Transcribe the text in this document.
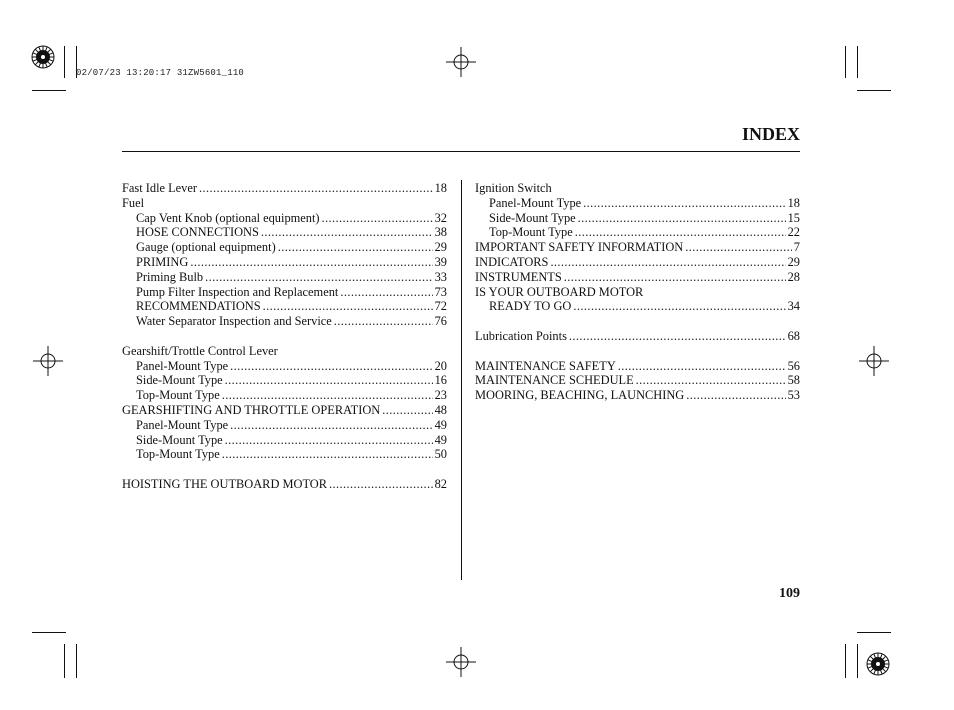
02/07/23 13:20:17 31ZW5601_110
INDEX
Fast Idle Lever .....	18
Fuel
Cap Vent Knob (optional equipment) .....	32
HOSE CONNECTIONS .....	38
Gauge (optional equipment) .....	29
PRIMING .....	39
Priming Bulb .....	33
Pump Filter Inspection and Replacement .....	73
RECOMMENDATIONS .....	72
Water Separator Inspection and Service .....	76
Gearshift/Trottle Control Lever
Panel-Mount Type .....	20
Side-Mount Type .....	16
Top-Mount Type .....	23
GEARSHIFTING AND THROTTLE OPERATION .....	48
Panel-Mount Type .....	49
Side-Mount Type .....	49
Top-Mount Type .....	50
HOISTING THE OUTBOARD MOTOR .....	82
Ignition Switch
Panel-Mount Type .....	18
Side-Mount Type .....	15
Top-Mount Type .....	22
IMPORTANT SAFETY INFORMATION .....	7
INDICATORS .....	29
INSTRUMENTS .....	28
IS YOUR OUTBOARD MOTOR
READY TO GO .....	34
Lubrication Points .....	68
MAINTENANCE SAFETY .....	56
MAINTENANCE SCHEDULE .....	58
MOORING, BEACHING, LAUNCHING .....	53
109
